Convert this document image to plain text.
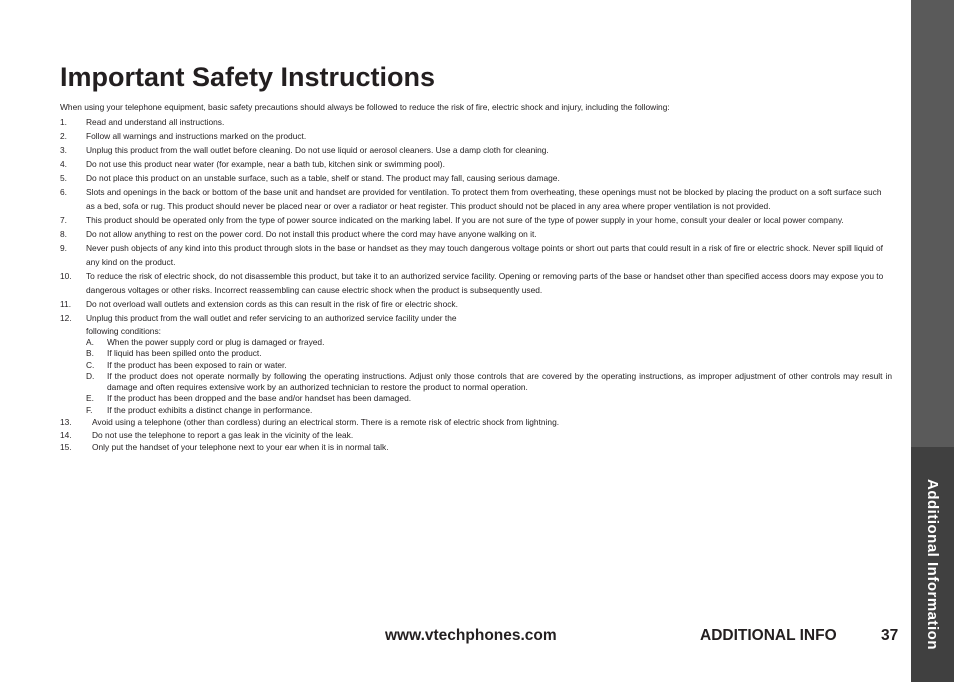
Additional Information
Important Safety Instructions
When using your telephone equipment, basic safety precautions should always be followed to reduce the risk of fire, electric shock and injury, including the following:
1. Read and understand all instructions.
2. Follow all warnings and instructions marked on the product.
3. Unplug this product from the wall outlet before cleaning. Do not use liquid or aerosol cleaners. Use a damp cloth for cleaning.
4. Do not use this product near water (for example, near a bath tub, kitchen sink or swimming pool).
5. Do not place this product on an unstable surface, such as a table, shelf or stand. The product may fall, causing serious damage.
6. Slots and openings in the back or bottom of the base unit and handset are provided for ventilation. To protect them from overheating, these openings must not be blocked by placing the product on a soft surface such as a bed, sofa or rug. This product should never be placed near or over a radiator or heat register. This product should not be placed in any area where proper ventilation is not provided.
7. This product should be operated only from the type of power source indicated on the marking label. If you are not sure of the type of power supply in your home, consult your dealer or local power company.
8. Do not allow anything to rest on the power cord. Do not install this product where the cord may have anyone walking on it.
9. Never push objects of any kind into this product through slots in the base or handset as they may touch dangerous voltage points or short out parts that could result in a risk of fire or electric shock. Never spill liquid of any kind on the product.
10. To reduce the risk of electric shock, do not disassemble this product, but take it to an authorized service facility. Opening or removing parts of the base or handset other than specified access doors may expose you to dangerous voltages or other risks. Incorrect reassembling can cause electric shock when the product is subsequently used.
11. Do not overload wall outlets and extension cords as this can result in the risk of fire or electric shock.
12. Unplug this product from the wall outlet and refer servicing to an authorized service facility under the
following conditions:
A. When the power supply cord or plug is damaged or frayed.
B. If liquid has been spilled onto the product.
C. If the product has been exposed to rain or water.
D. If the product does not operate normally by following the operating instructions. Adjust only those controls that are covered by the operating instructions, as improper adjustment of other controls may result in damage and often requires extensive work by an authorized technician to restore the product to normal operation.
E. If the product has been dropped and the base and/or handset has been damaged.
F. If the product exhibits a distinct change in performance.
13. Avoid using a telephone (other than cordless) during an electrical storm. There is a remote risk of electric shock from lightning.
14. Do not use the telephone to report a gas leak in the vicinity of the leak.
15. Only put the handset of your telephone next to your ear when it is in normal talk.
www.vtechphones.com	ADDITIONAL INFO	37
